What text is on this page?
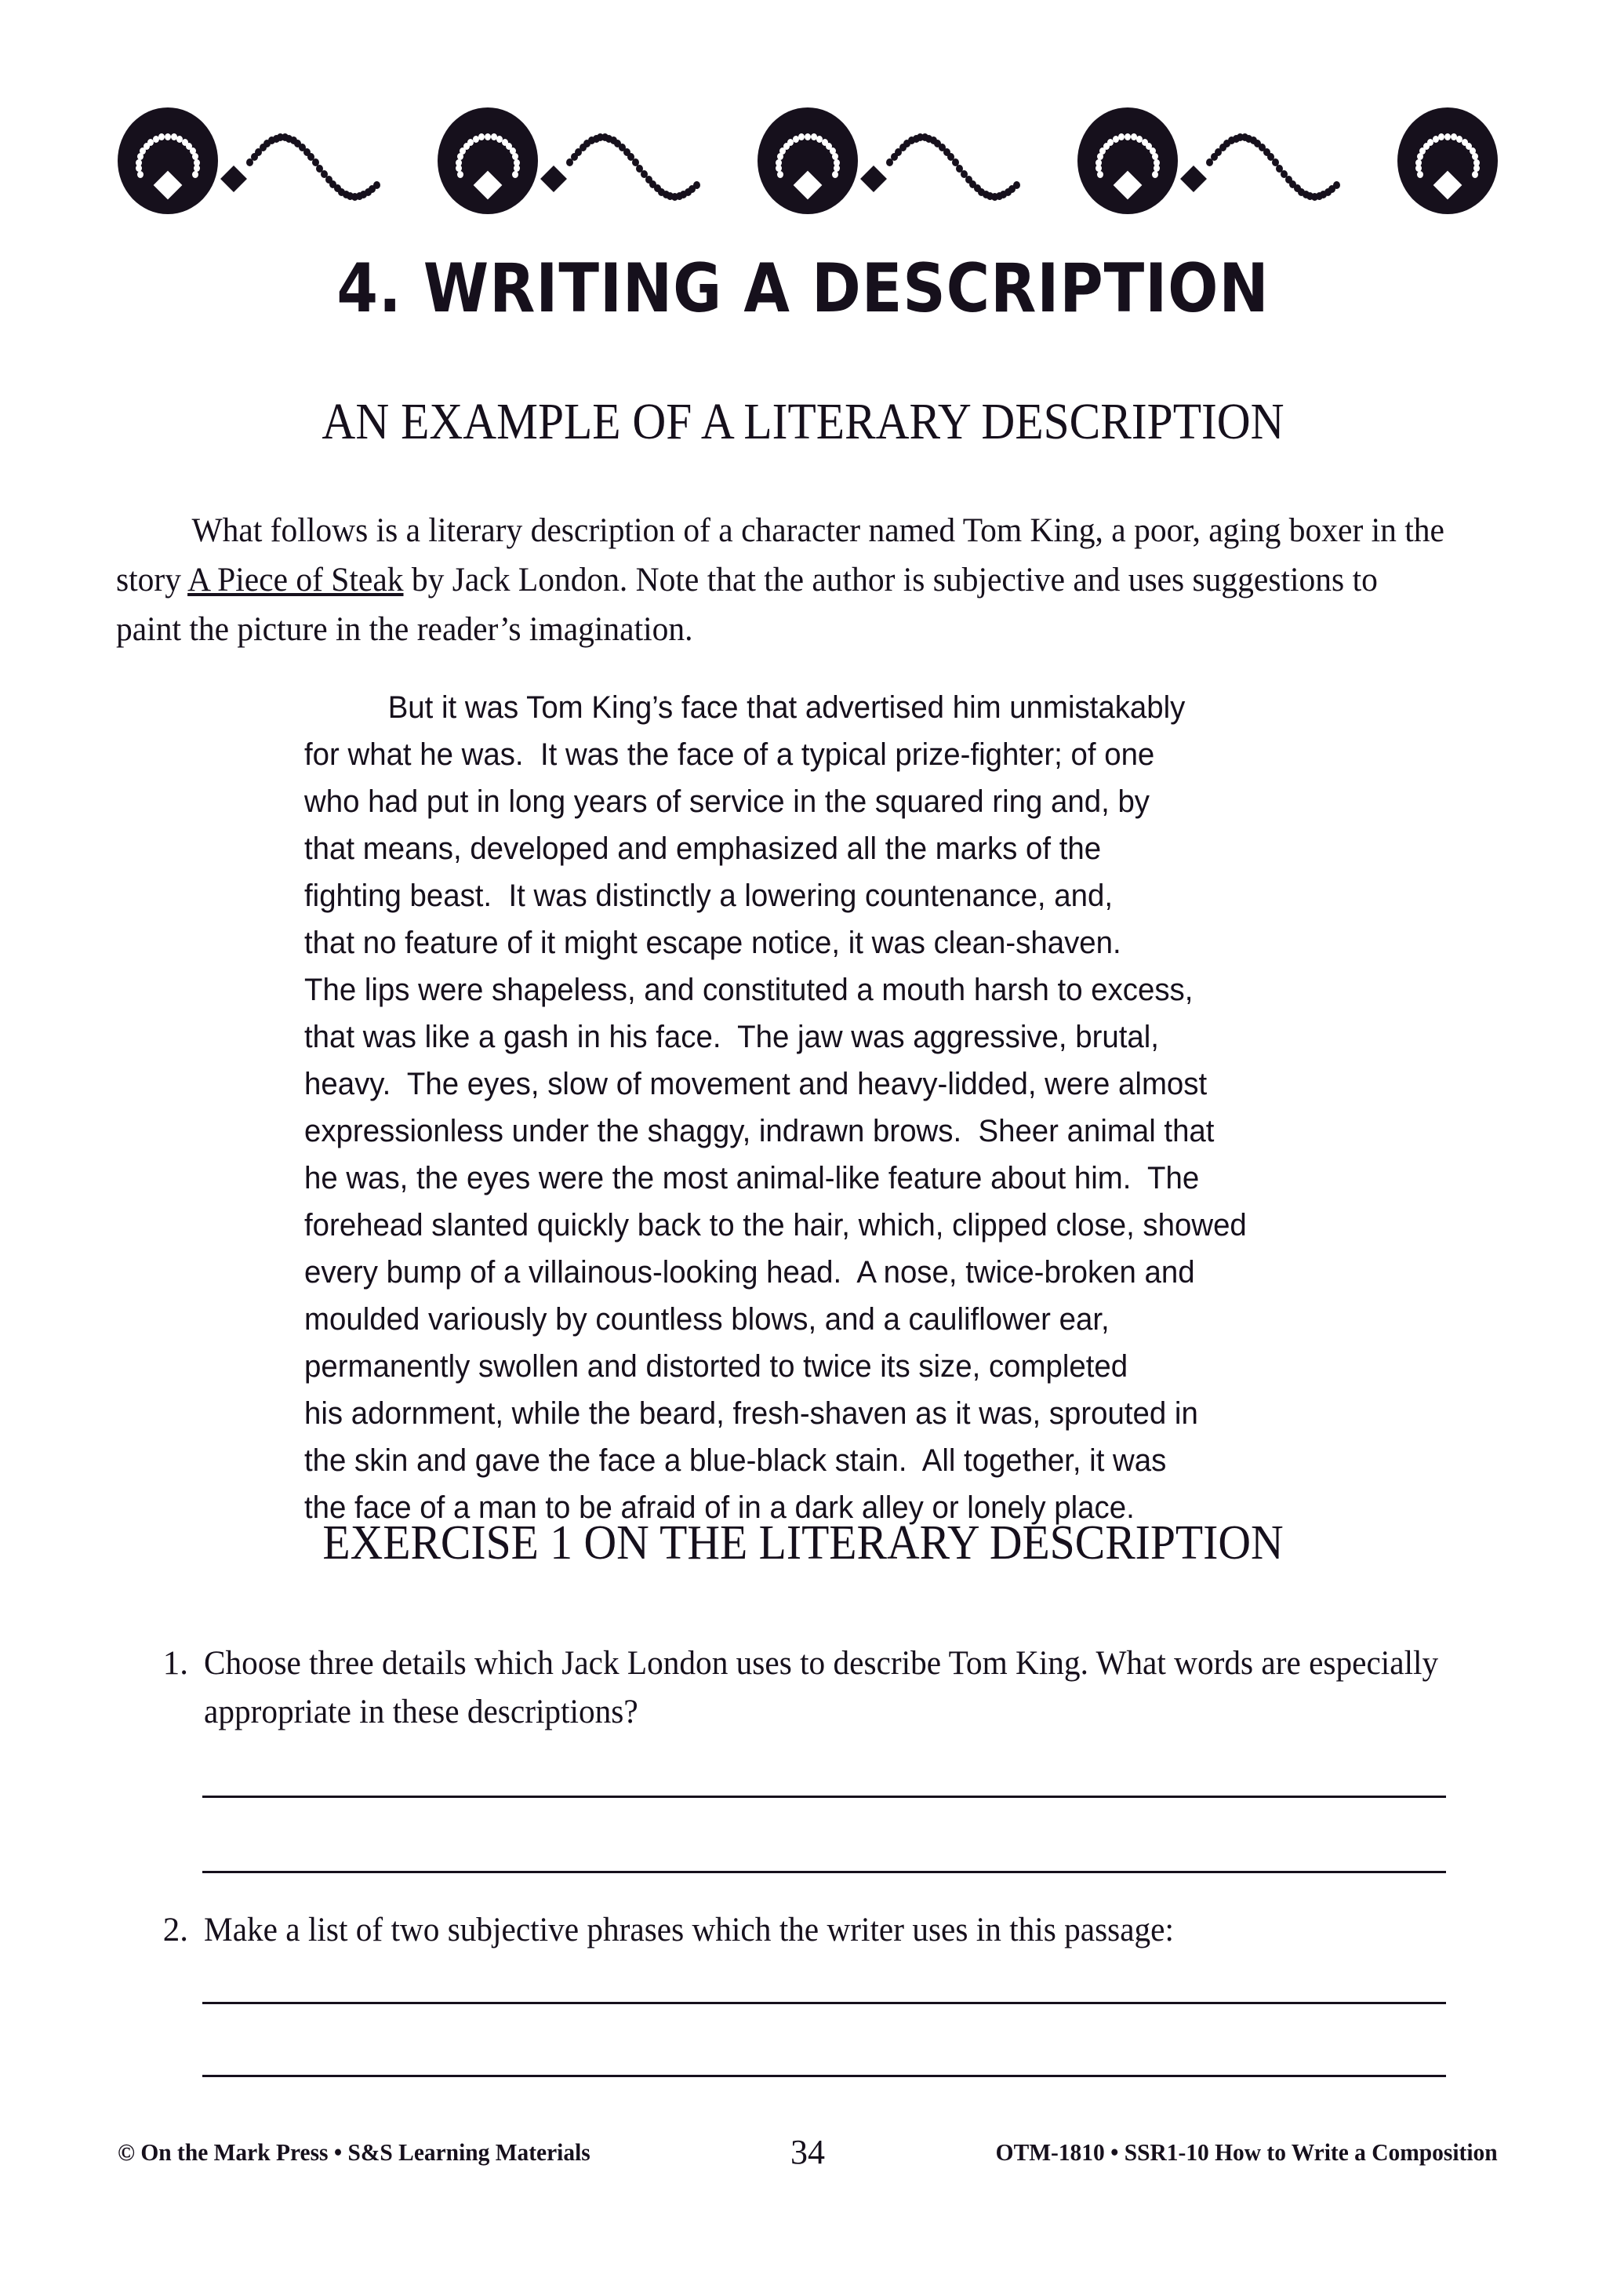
4. WRITING A DESCRIPTION
AN EXAMPLE OF A LITERARY DESCRIPTION
What follows is a literary description of a character named Tom King, a poor, aging boxer in the story A Piece of Steak by Jack London. Note that the author is subjective and uses suggestions to paint the picture in the reader’s imagination.
But it was Tom King’s face that advertised him unmistakably
for what he was.  It was the face of a typical prize-fighter; of one
who had put in long years of service in the squared ring and, by
that means, developed and emphasized all the marks of the
fighting beast.  It was distinctly a lowering countenance, and,
that no feature of it might escape notice, it was clean-shaven.
The lips were shapeless, and constituted a mouth harsh to excess,
that was like a gash in his face.  The jaw was aggressive, brutal,
heavy.  The eyes, slow of movement and heavy-lidded, were almost
expressionless under the shaggy, indrawn brows.  Sheer animal that
he was, the eyes were the most animal-like feature about him.  The
forehead slanted quickly back to the hair, which, clipped close, showed
every bump of a villainous-looking head.  A nose, twice-broken and
moulded variously by countless blows, and a cauliflower ear,
permanently swollen and distorted to twice its size, completed
his adornment, while the beard, fresh-shaven as it was, sprouted in
the skin and gave the face a blue-black stain.  All together, it was
the face of a man to be afraid of in a dark alley or lonely place.
EXERCISE 1 ON THE LITERARY DESCRIPTION
1. Choose three details which Jack London uses to describe Tom King. What words are especially appropriate in these descriptions?
2. Make a list of two subjective phrases which the writer uses in this passage:
© On the Mark Press • S&S Learning Materials	34	OTM-1810 • SSR1-10 How to Write a Composition
